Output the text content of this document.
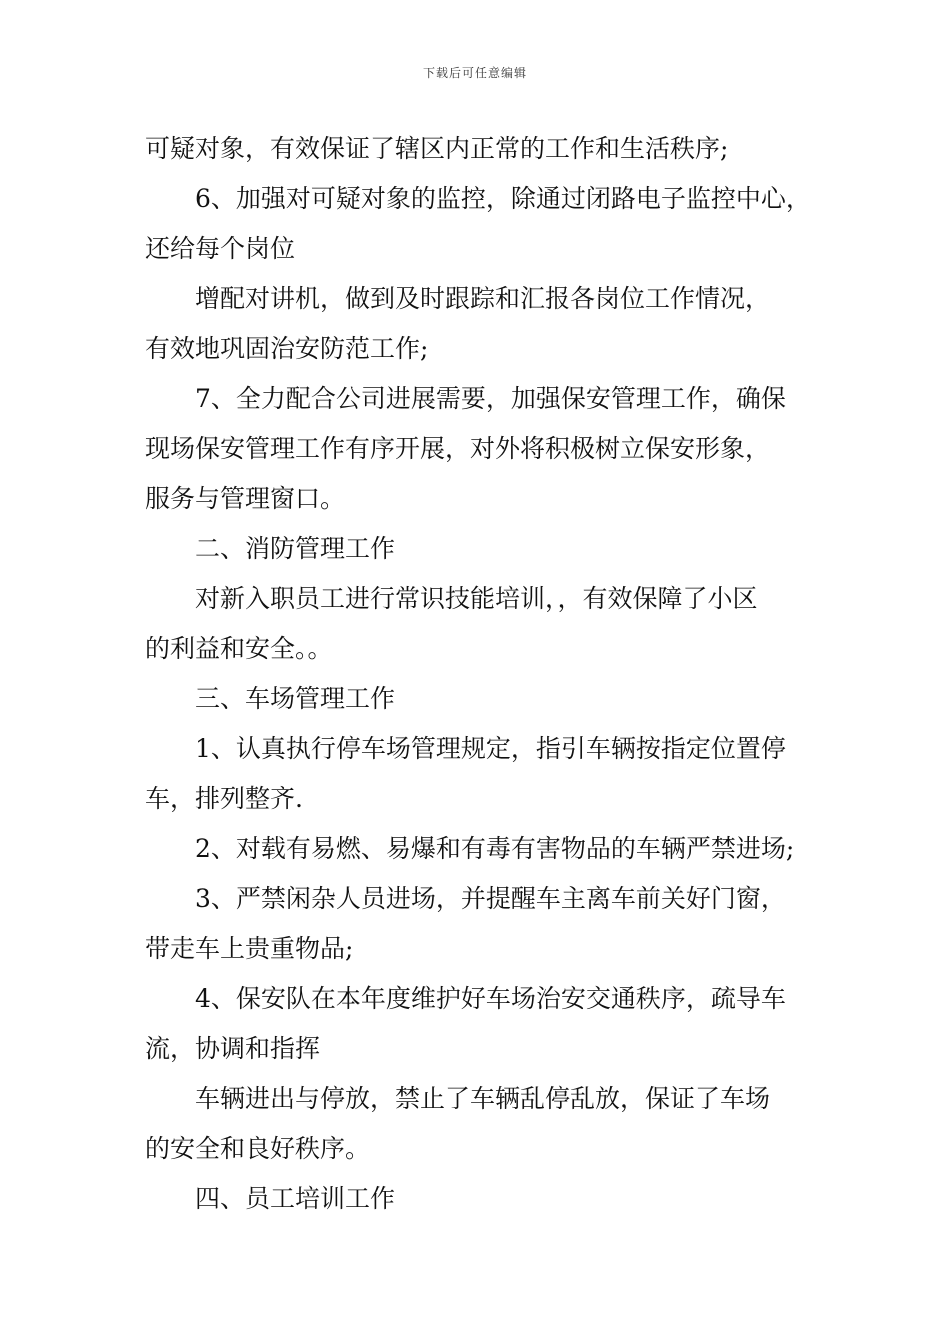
下载后可任意编辑
可疑对象，有效保证了辖区内正常的工作和生活秩序;
6、加强对可疑对象的监控，除通过闭路电子监控中心，
还给每个岗位
增配对讲机，做到及时跟踪和汇报各岗位工作情况，
有效地巩固治安防范工作;
7、全力配合公司进展需要，加强保安管理工作，确保
现场保安管理工作有序开展，对外将积极树立保安形象，
服务与管理窗口。
二、消防管理工作
对新入职员工进行常识技能培训，，有效保障了小区
的利益和安全。。
三、车场管理工作
1、认真执行停车场管理规定，指引车辆按指定位置停
车，排列整齐.
2、对载有易燃、易爆和有毒有害物品的车辆严禁进场;
3、严禁闲杂人员进场，并提醒车主离车前关好门窗，
带走车上贵重物品;
4、保安队在本年度维护好车场治安交通秩序，疏导车
流，协调和指挥
车辆进出与停放，禁止了车辆乱停乱放，保证了车场
的安全和良好秩序。
四、员工培训工作
